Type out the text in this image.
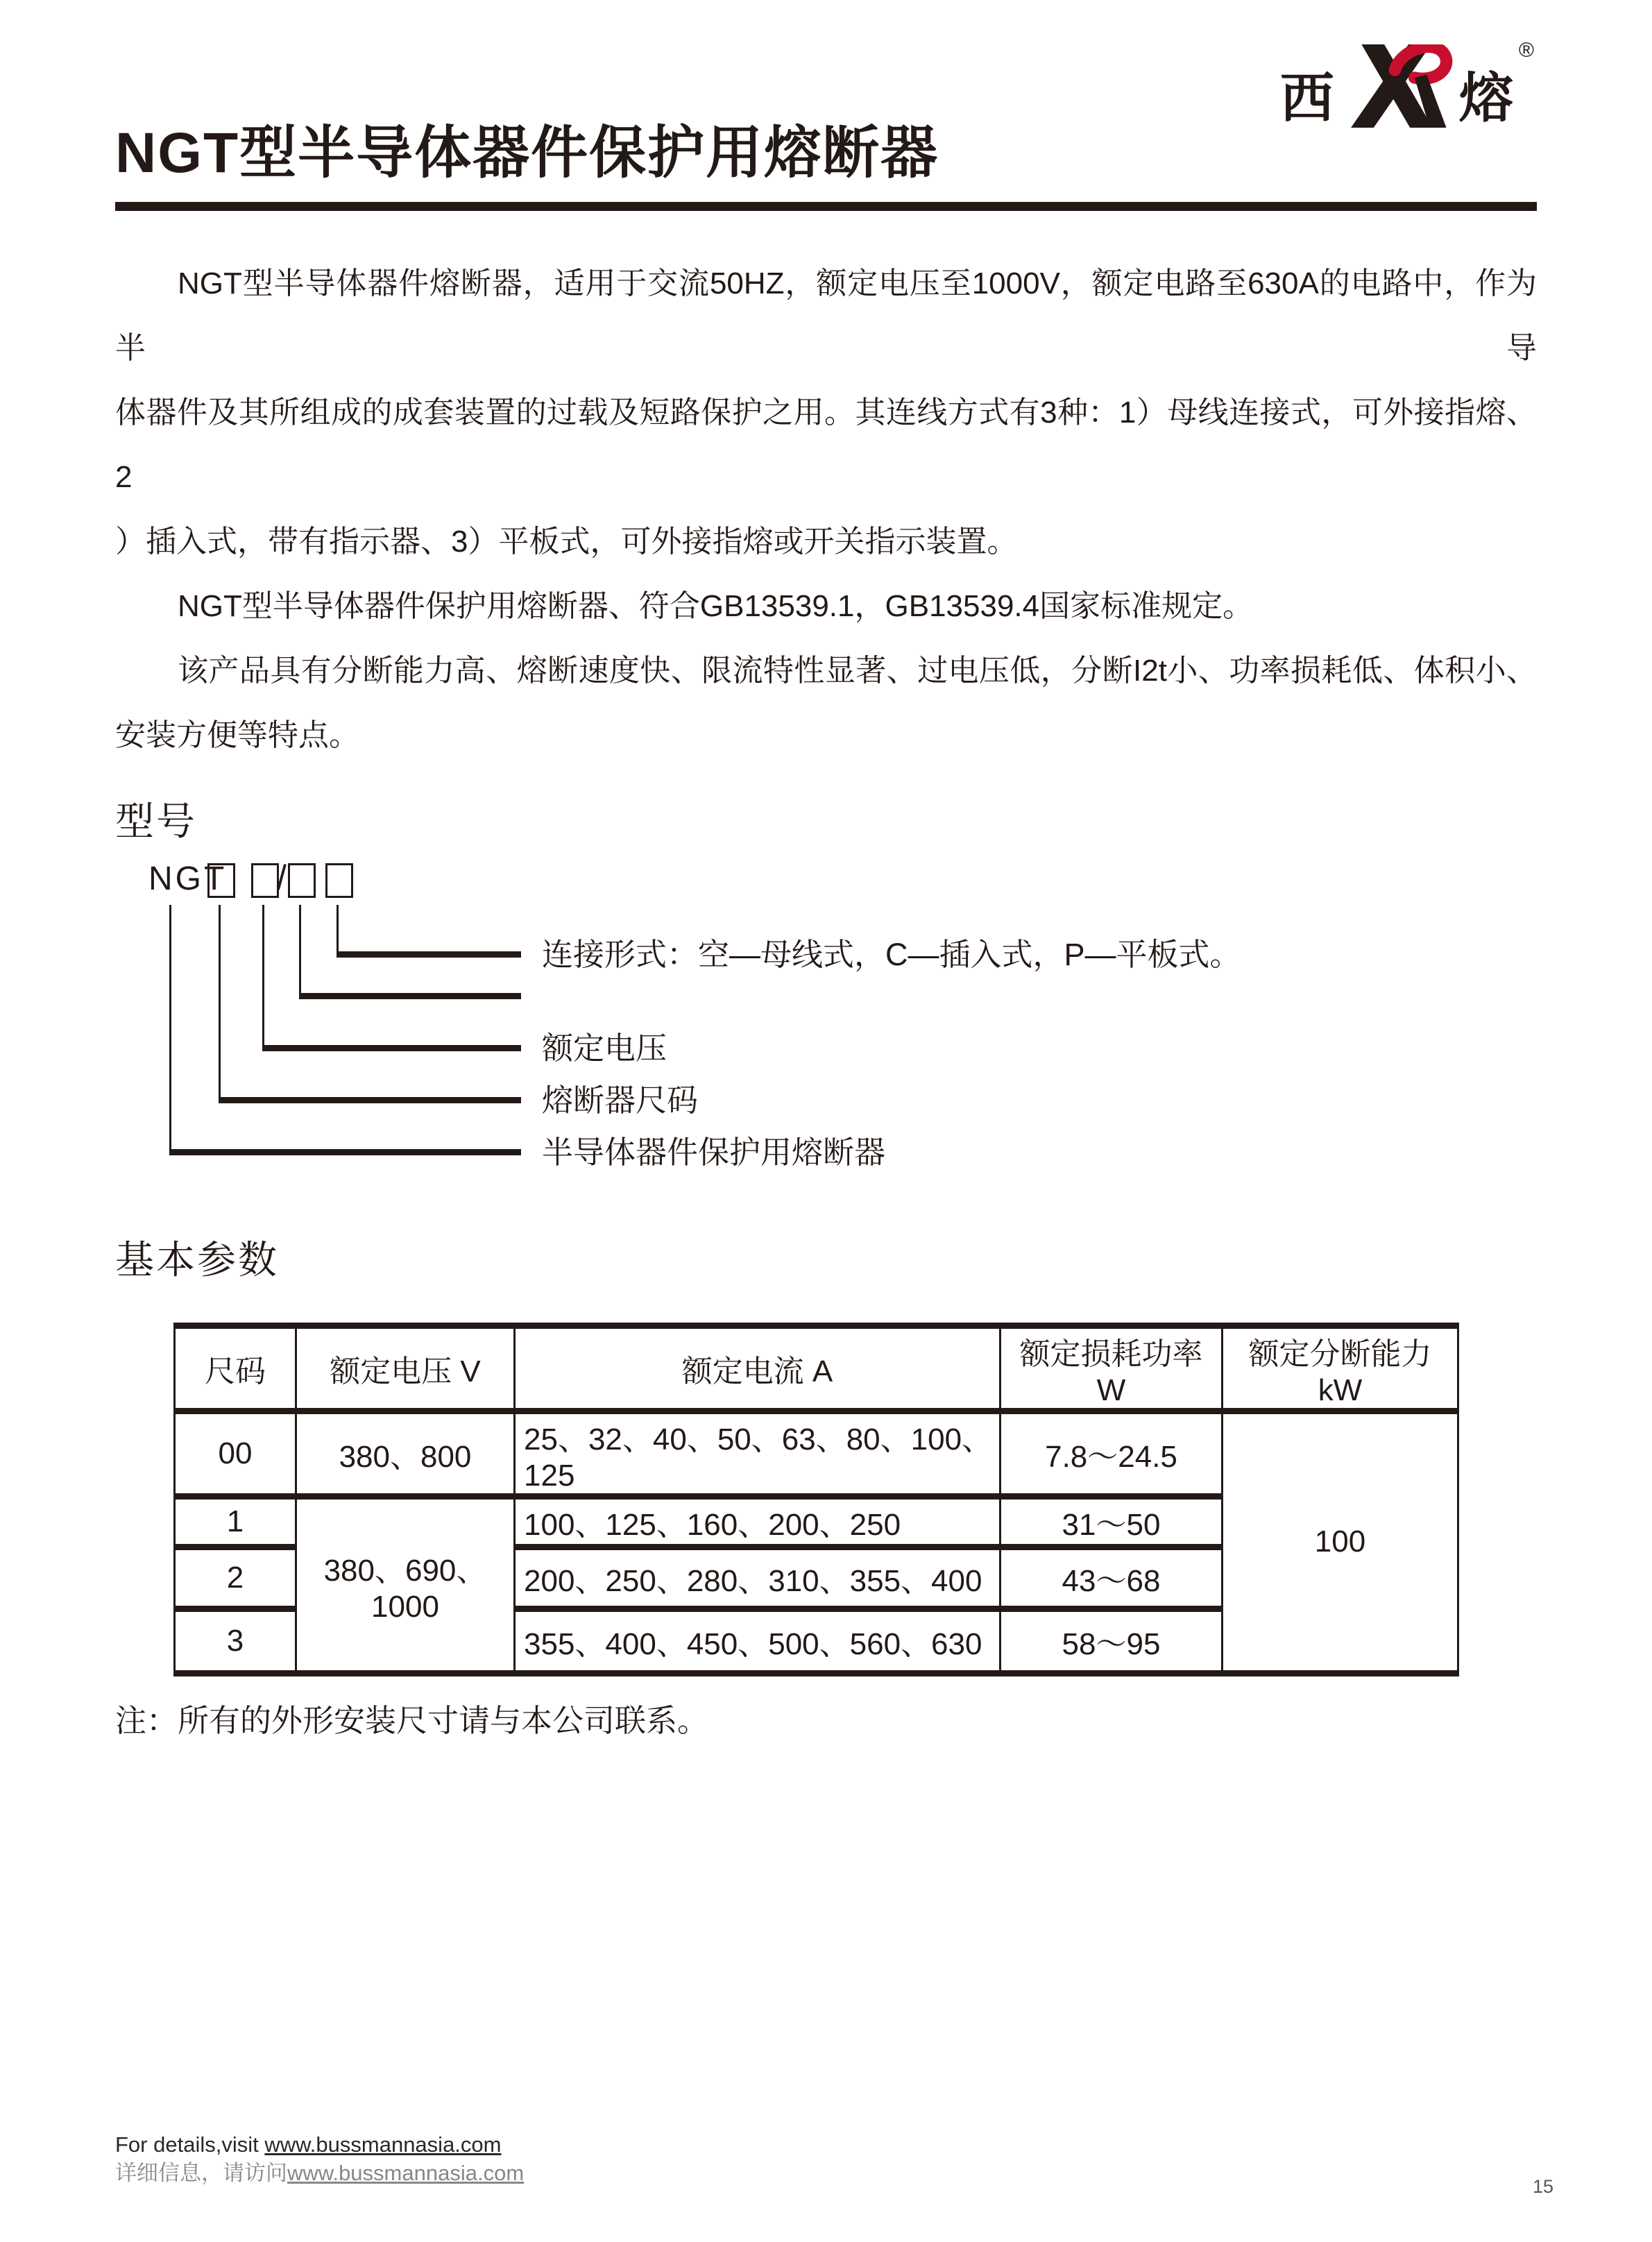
西 熔
®
NGT型半导体器件保护用熔断器
NGT型半导体器件熔断器，适用于交流50HZ，额定电压至1000V，额定电路至630A的电路中，作为半导
体器件及其所组成的成套装置的过载及短路保护之用。其连线方式有3种：1）母线连接式，可外接指熔、2
）插入式，带有指示器、3）平板式，可外接指熔或开关指示装置。
NGT型半导体器件保护用熔断器、符合GB13539.1，GB13539.4国家标准规定。
该产品具有分断能力高、熔断速度快、限流特性显著、过电压低，分断I2t小、功率损耗低、体积小、
安装方便等特点。
型号
NGT /
连接形式：空—母线式，C—插入式，P—平板式。
额定电压
熔断器尺码
半导体器件保护用熔断器
基本参数
尺码	额定电压 V	额定电流 A	额定损耗功率 W	额定分断能力 kW
00	380、800	25、32、40、50、63、80、100、125	7.8～24.5	100
1	380、690、1000	100、125、160、200、250	31～50	
2		200、250、280、310、355、400	43～68	
3		355、400、450、500、560、630	58～95	
注：所有的外形安装尺寸请与本公司联系。
For details,visit www.bussmannasia.com
详细信息，请访问www.bussmannasia.com
15
